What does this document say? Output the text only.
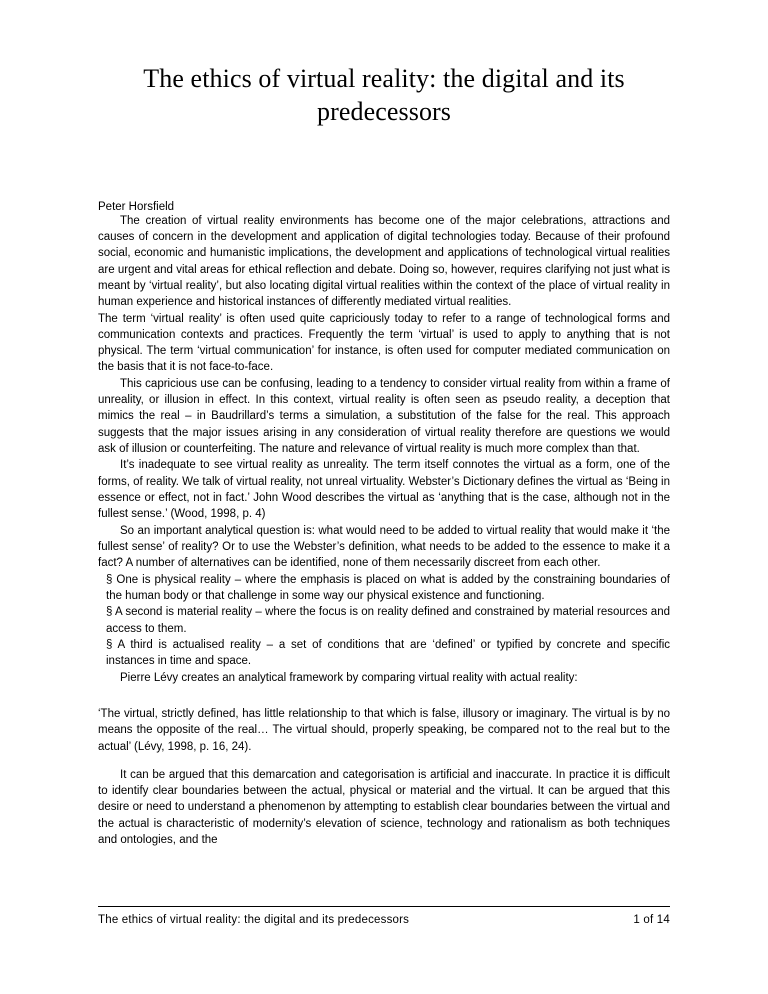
The ethics of virtual reality: the digital and its predecessors

Peter Horsfield

The creation of virtual reality environments has become one of the major celebrations, attractions and causes of concern in the development and application of digital technologies today. Because of their profound social, economic and humanistic implications, the development and applications of technological virtual realities are urgent and vital areas for ethical reflection and debate. Doing so, however, requires clarifying not just what is meant by ‘virtual reality’, but also locating digital virtual realities within the context of the place of virtual reality in human experience and historical instances of differently mediated virtual realities.

The term ‘virtual reality’ is often used quite capriciously today to refer to a range of technological forms and communication contexts and practices. Frequently the term ‘virtual’ is used to apply to anything that is not physical. The term ‘virtual communication’ for instance, is often used for computer mediated communication on the basis that it is not face-to-face.

This capricious use can be confusing, leading to a tendency to consider virtual reality from within a frame of unreality, or illusion in effect. In this context, virtual reality is often seen as pseudo reality, a deception that mimics the real – in Baudrillard’s terms a simulation, a substitution of the false for the real. This approach suggests that the major issues arising in any consideration of virtual reality therefore are questions we would ask of illusion or counterfeiting. The nature and relevance of virtual reality is much more complex than that.

It’s inadequate to see virtual reality as unreality. The term itself connotes the virtual as a form, one of the forms, of reality. We talk of virtual reality, not unreal virtuality. Webster’s Dictionary defines the virtual as ‘Being in essence or effect, not in fact.’ John Wood describes the virtual as ‘anything that is the case, although not in the fullest sense.’ (Wood, 1998, p. 4)

So an important analytical question is: what would need to be added to virtual reality that would make it ‘the fullest sense’ of reality? Or to use the Webster’s definition, what needs to be added to the essence to make it a fact? A number of alternatives can be identified, none of them necessarily discreet from each other.

§ One is physical reality – where the emphasis is placed on what is added by the constraining boundaries of the human body or that challenge in some way our physical existence and functioning.

§ A second is material reality – where the focus is on reality defined and constrained by material resources and access to them.

§ A third is actualised reality – a set of conditions that are ‘defined’ or typified by concrete and specific instances in time and space.

Pierre Lévy creates an analytical framework by comparing virtual reality with actual reality:

‘The virtual, strictly defined, has little relationship to that which is false, illusory or imaginary. The virtual is by no means the opposite of the real… The virtual should, properly speaking, be compared not to the real but to the actual’ (Lévy, 1998, p. 16, 24).

It can be argued that this demarcation and categorisation is artificial and inaccurate. In practice it is difficult to identify clear boundaries between the actual, physical or material and the virtual. It can be argued that this desire or need to understand a phenomenon by attempting to establish clear boundaries between the virtual and the actual is characteristic of modernity’s elevation of science, technology and rationalism as both techniques and ontologies, and the

The ethics of virtual reality: the digital and its predecessors	1 of 14
